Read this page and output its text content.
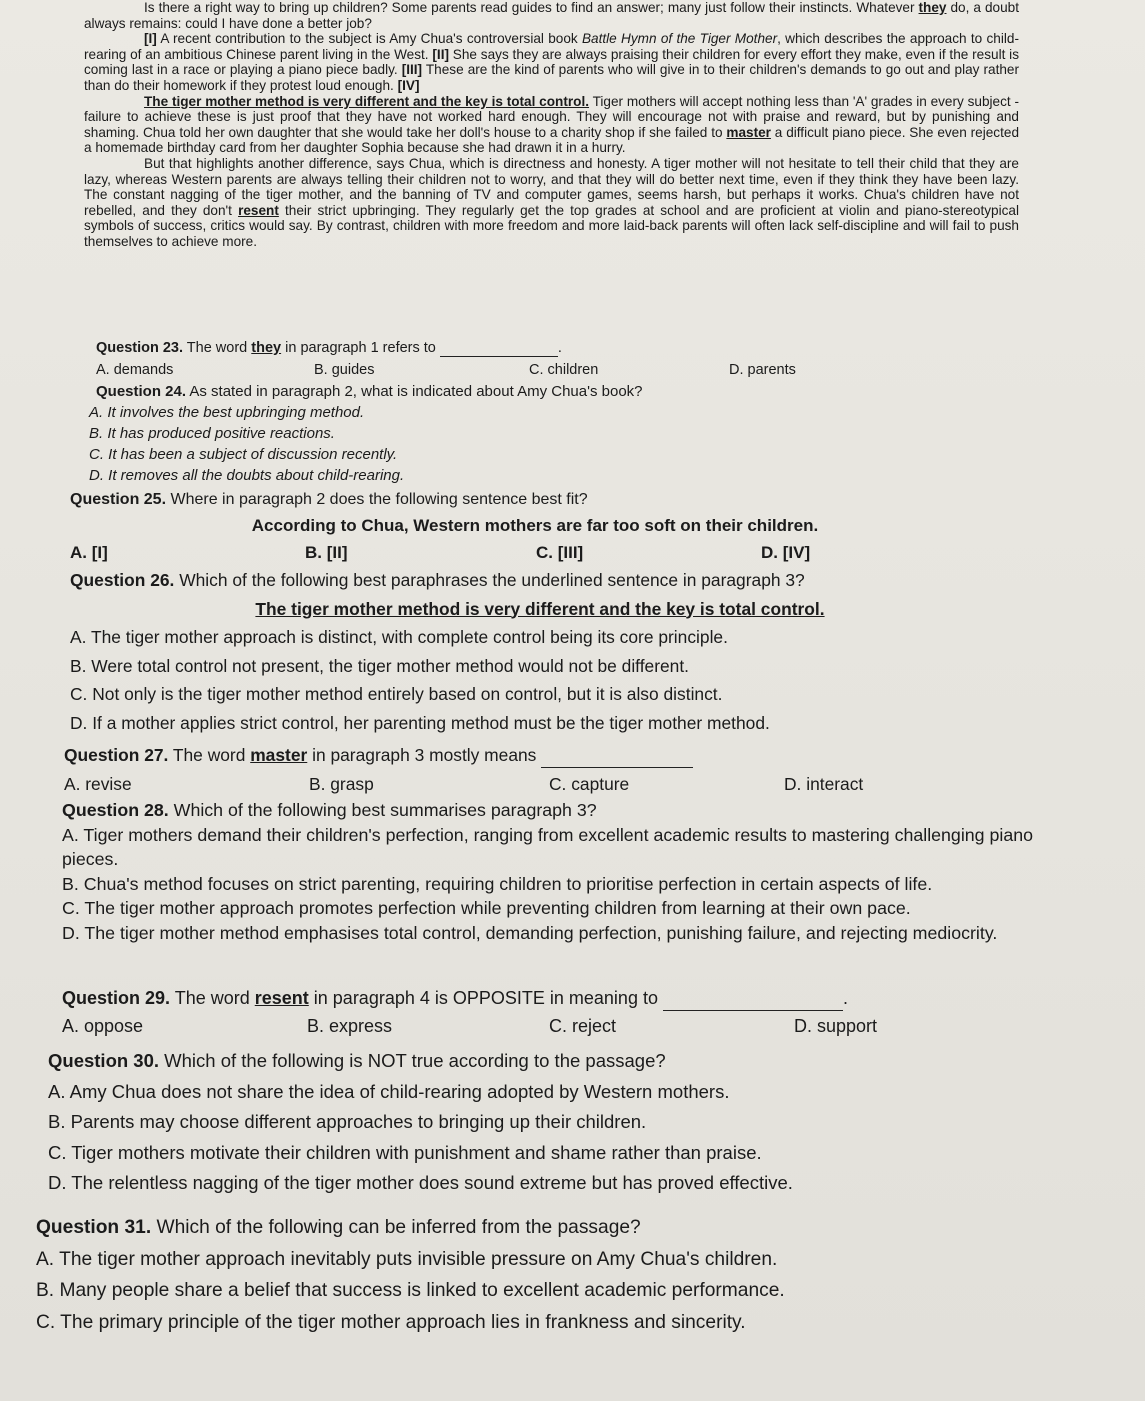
Is there a right way to bring up children? Some parents read guides to find an answer; many just follow their instincts. Whatever they do, a doubt always remains: could I have done a better job?

[I] A recent contribution to the subject is Amy Chua's controversial book Battle Hymn of the Tiger Mother, which describes the approach to child-rearing of an ambitious Chinese parent living in the West. [II] She says they are always praising their children for every effort they make, even if the result is coming last in a race or playing a piano piece badly. [III] These are the kind of parents who will give in to their children's demands to go out and play rather than do their homework if they protest loud enough. [IV]

The tiger mother method is very different and the key is total control. Tiger mothers will accept nothing less than 'A' grades in every subject - failure to achieve these is just proof that they have not worked hard enough. They will encourage not with praise and reward, but by punishing and shaming. Chua told her own daughter that she would take her doll's house to a charity shop if she failed to master a difficult piano piece. She even rejected a homemade birthday card from her daughter Sophia because she had drawn it in a hurry.

But that highlights another difference, says Chua, which is directness and honesty. A tiger mother will not hesitate to tell their child that they are lazy, whereas Western parents are always telling their children not to worry, and that they will do better next time, even if they think they have been lazy. The constant nagging of the tiger mother, and the banning of TV and computer games, seems harsh, but perhaps it works. Chua's children have not rebelled, and they don't resent their strict upbringing. They regularly get the top grades at school and are proficient at violin and piano-stereotypical symbols of success, critics would say. By contrast, children with more freedom and more laid-back parents will often lack self-discipline and will fail to push themselves to achieve more.

Question 23. The word they in paragraph 1 refers to	.
A. demands	B. guides	C. children	D. parents
Question 24. As stated in paragraph 2, what is indicated about Amy Chua's book?
A. It involves the best upbringing method.
B. It has produced positive reactions.
C. It has been a subject of discussion recently.
D. It removes all the doubts about child-rearing.
Question 25. Where in paragraph 2 does the following sentence best fit?
According to Chua, Western mothers are far too soft on their children.
A. [I]	B. [II]	C. [III]	D. [IV]
Question 26. Which of the following best paraphrases the underlined sentence in paragraph 3?
The tiger mother method is very different and the key is total control.
A. The tiger mother approach is distinct, with complete control being its core principle.
B. Were total control not present, the tiger mother method would not be different.
C. Not only is the tiger mother method entirely based on control, but it is also distinct.
D. If a mother applies strict control, her parenting method must be the tiger mother method.
Question 27. The word master in paragraph 3 mostly means
A. revise	B. grasp	C. capture	D. interact
Question 28. Which of the following best summarises paragraph 3?
A. Tiger mothers demand their children's perfection, ranging from excellent academic results to mastering challenging piano pieces.
B. Chua's method focuses on strict parenting, requiring children to prioritise perfection in certain aspects of life.
C. The tiger mother approach promotes perfection while preventing children from learning at their own pace.
D. The tiger mother method emphasises total control, demanding perfection, punishing failure, and rejecting mediocrity.
Question 29. The word resent in paragraph 4 is OPPOSITE in meaning to	.
A. oppose	B. express	C. reject	D. support
Question 30. Which of the following is NOT true according to the passage?
A. Amy Chua does not share the idea of child-rearing adopted by Western mothers.
B. Parents may choose different approaches to bringing up their children.
C. Tiger mothers motivate their children with punishment and shame rather than praise.
D. The relentless nagging of the tiger mother does sound extreme but has proved effective.
Question 31. Which of the following can be inferred from the passage?
A. The tiger mother approach inevitably puts invisible pressure on Amy Chua's children.
B. Many people share a belief that success is linked to excellent academic performance.
C. The primary principle of the tiger mother approach lies in frankness and sincerity.
